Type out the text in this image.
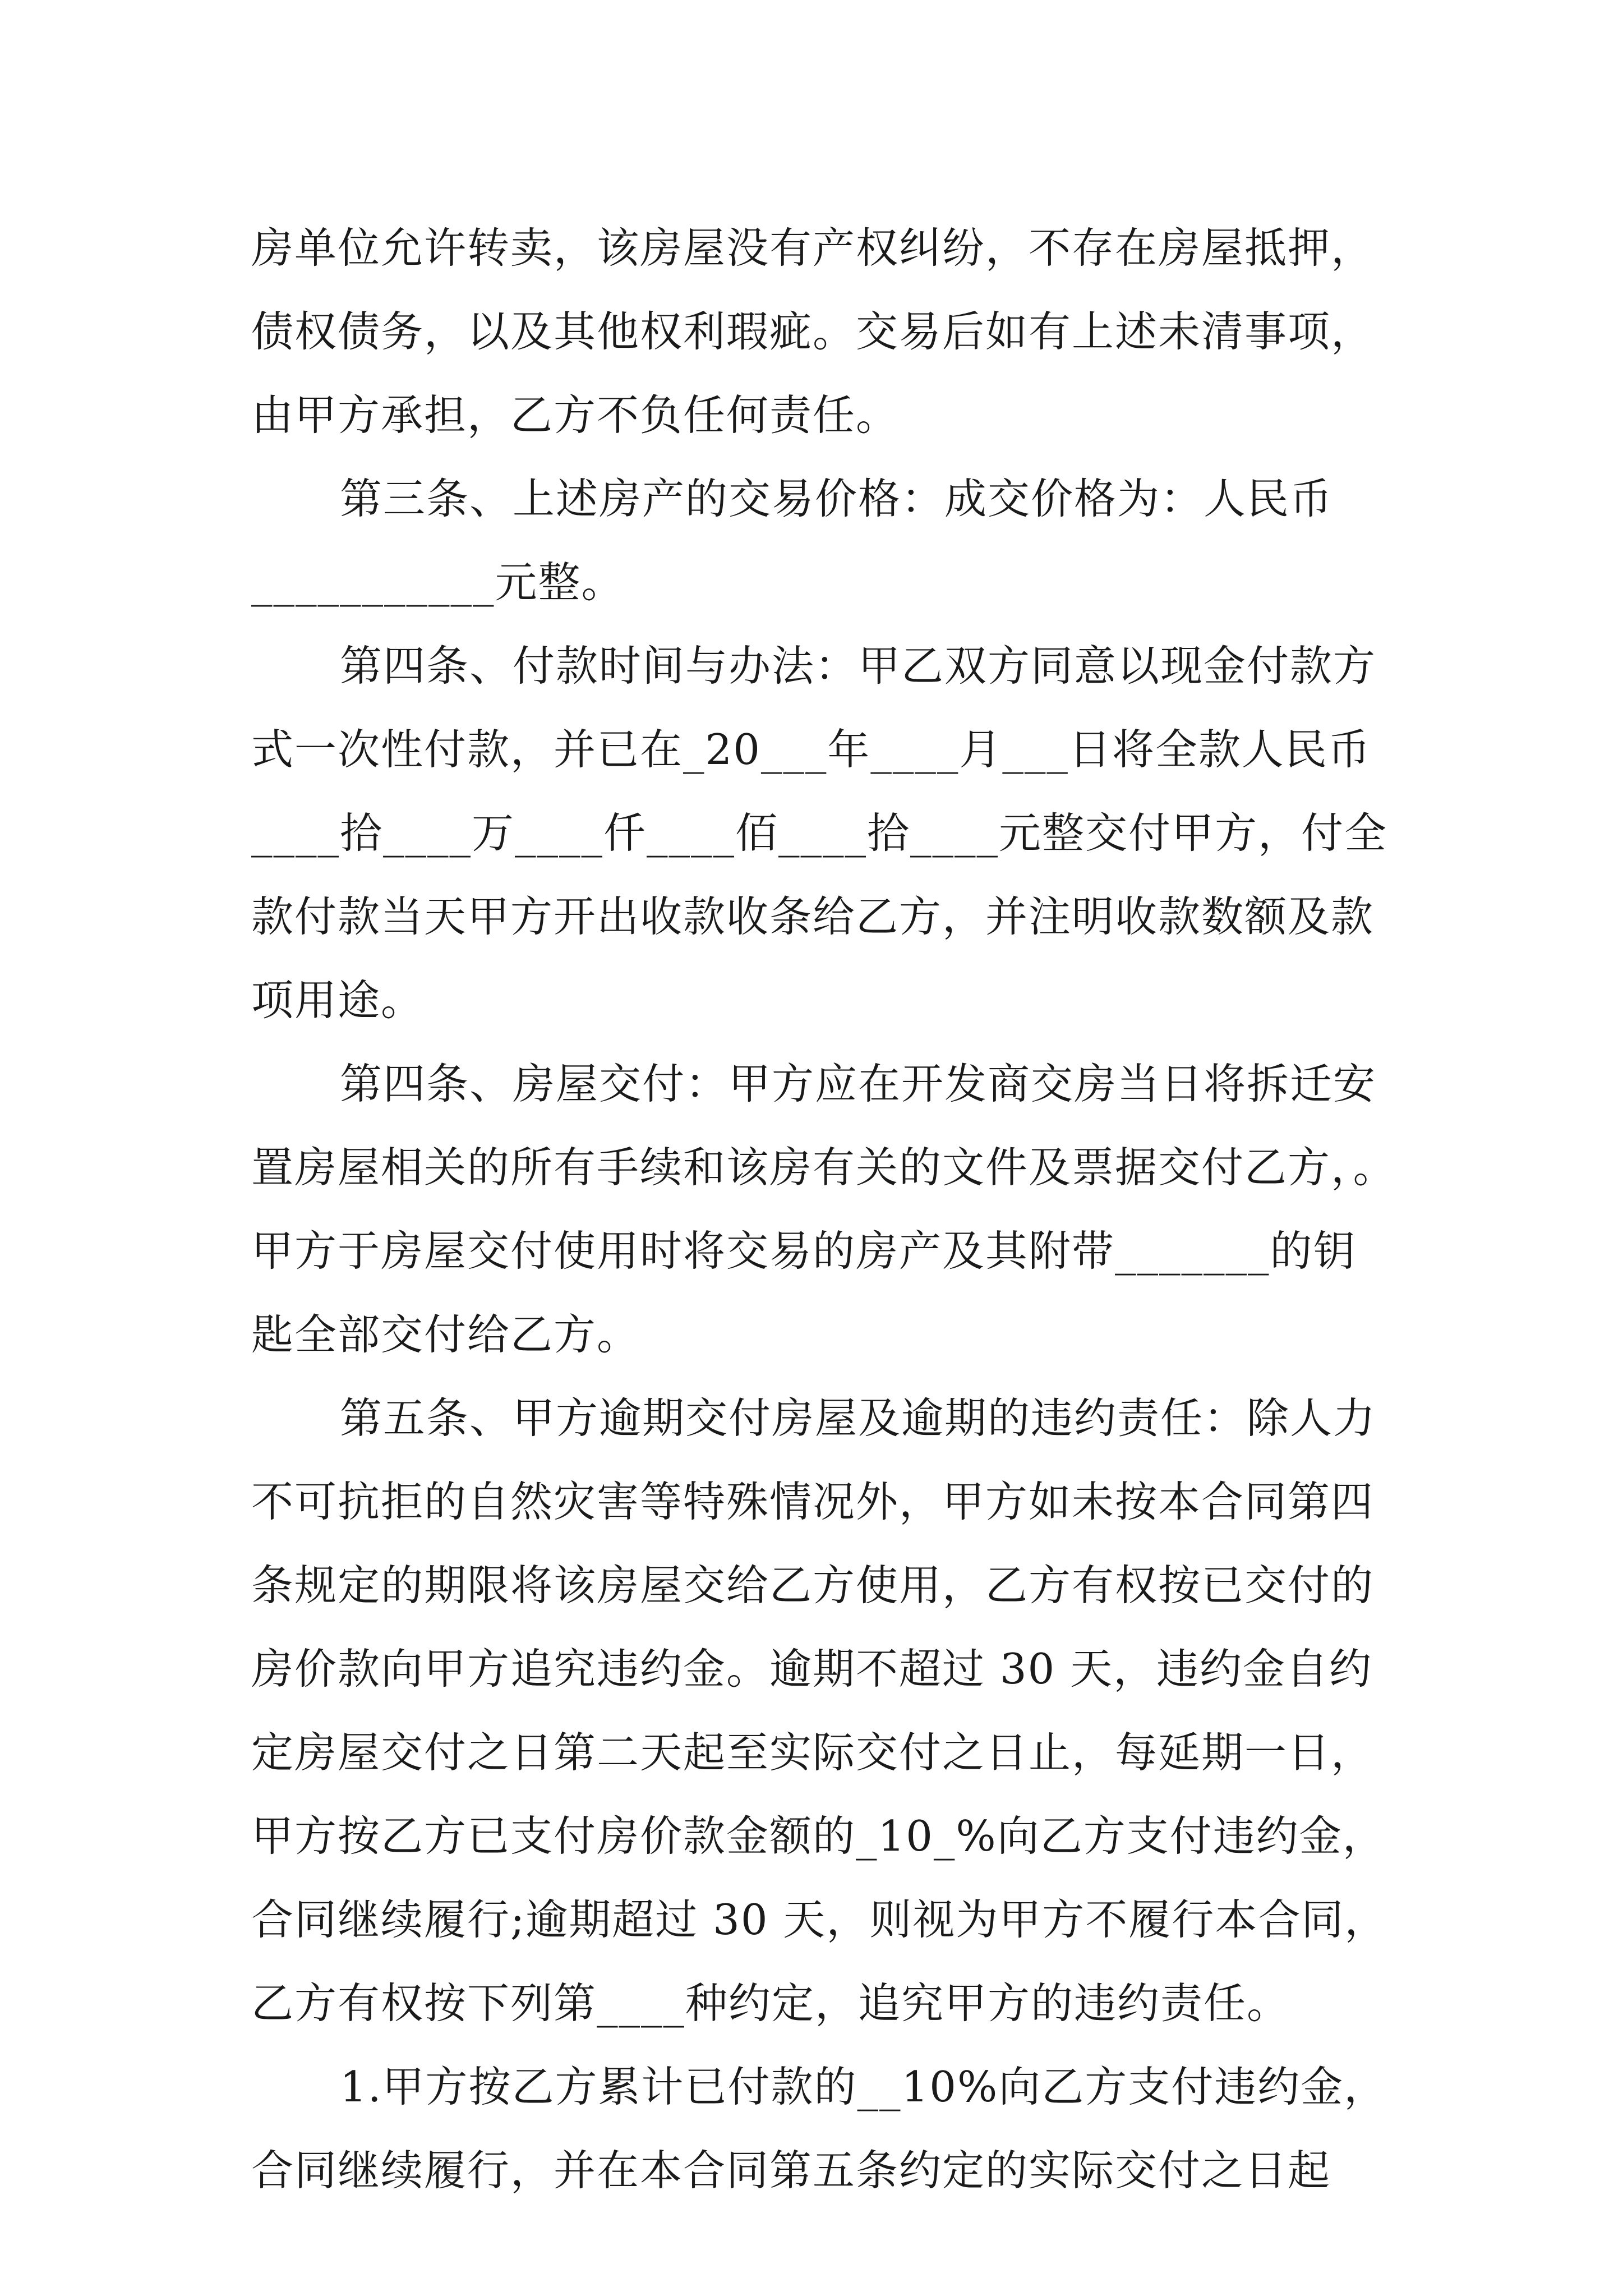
房单位允许转卖，该房屋没有产权纠纷，不存在房屋抵押，
债权债务，以及其他权利瑕疵。交易后如有上述未清事项，
由甲方承担，乙方不负任何责任。
第三条、上述房产的交易价格：成交价格为：人民币
___________元整。
第四条、付款时间与办法：甲乙双方同意以现金付款方
式一次性付款，并已在_20___年____月___日将全款人民币
____拾____万____仟____佰____拾____元整交付甲方，付全
款付款当天甲方开出收款收条给乙方，并注明收款数额及款
项用途。
第四条、房屋交付：甲方应在开发商交房当日将拆迁安
置房屋相关的所有手续和该房有关的文件及票据交付乙方，。
甲方于房屋交付使用时将交易的房产及其附带_______的钥
匙全部交付给乙方。
第五条、甲方逾期交付房屋及逾期的违约责任：除人力
不可抗拒的自然灾害等特殊情况外，甲方如未按本合同第四
条规定的期限将该房屋交给乙方使用，乙方有权按已交付的
房价款向甲方追究违约金。逾期不超过 30 天，违约金自约
定房屋交付之日第二天起至实际交付之日止，每延期一日，
甲方按乙方已支付房价款金额的_10_%向乙方支付违约金，
合同继续履行;逾期超过 30 天，则视为甲方不履行本合同，
乙方有权按下列第____种约定，追究甲方的违约责任。
1.甲方按乙方累计已付款的__10%向乙方支付违约金，
合同继续履行，并在本合同第五条约定的实际交付之日起
